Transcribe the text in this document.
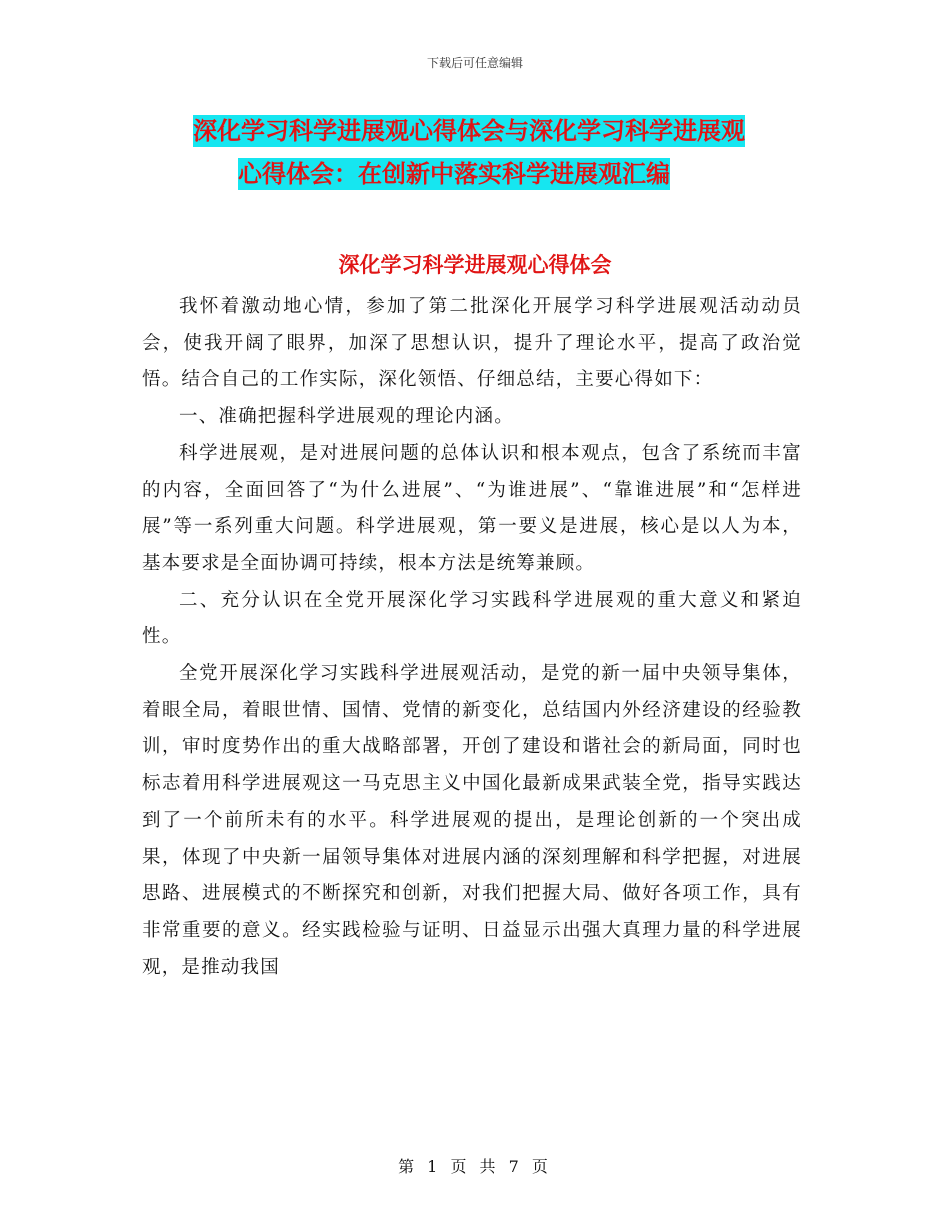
下载后可任意编辑
深化学习科学进展观心得体会与深化学习科学进展观
心得体会：在创新中落实科学进展观汇编
深化学习科学进展观心得体会

我怀着激动地心情，参加了第二批深化开展学习科学进展观活动动员会，使我开阔了眼界，加深了思想认识，提升了理论水平，提高了政治觉悟。结合自己的工作实际，深化领悟、仔细总结，主要心得如下：

一、准确把握科学进展观的理论内涵。

科学进展观，是对进展问题的总体认识和根本观点，包含了系统而丰富的内容，全面回答了“为什么进展”、“为谁进展”、“靠谁进展”和“怎样进展”等一系列重大问题。科学进展观，第一要义是进展，核心是以人为本，基本要求是全面协调可持续，根本方法是统筹兼顾。

二、充分认识在全党开展深化学习实践科学进展观的重大意义和紧迫性。

全党开展深化学习实践科学进展观活动，是党的新一届中央领导集体，着眼全局，着眼世情、国情、党情的新变化，总结国内外经济建设的经验教训，审时度势作出的重大战略部署，开创了建设和谐社会的新局面，同时也标志着用科学进展观这一马克思主义中国化最新成果武装全党，指导实践达到了一个前所未有的水平。科学进展观的提出，是理论创新的一个突出成果，体现了中央新一届领导集体对进展内涵的深刻理解和科学把握，对进展思路、进展模式的不断探究和创新，对我们把握大局、做好各项工作，具有非常重要的意义。经实践检验与证明、日益显示出强大真理力量的科学进展观，是推动我国

第 1 页 共 7 页
